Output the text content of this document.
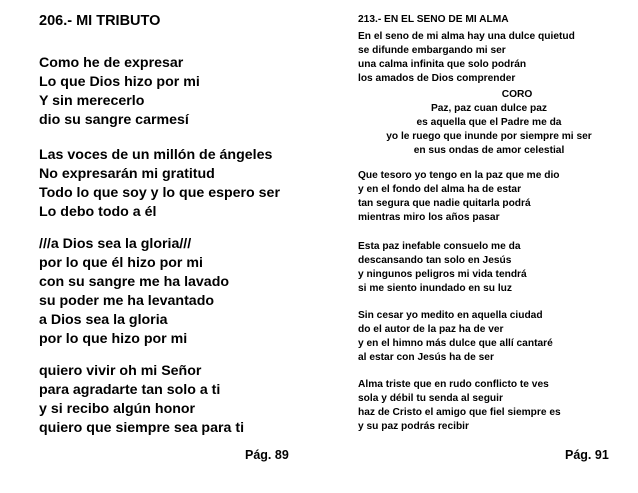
206.- MI TRIBUTO
Como he de expresar
Lo que Dios hizo por mi
Y sin merecerlo
dio su sangre carmesí
Las voces de un millón de ángeles
No expresarán mi gratitud
Todo lo que soy y lo que espero ser
Lo debo todo a él
///a Dios sea la gloria///
por lo que él hizo por mi
con su sangre me ha lavado
su poder me ha levantado
a Dios sea la gloria
por lo que hizo por mi
quiero vivir oh mi Señor
para agradarte tan solo a ti
y si recibo algún honor
quiero que siempre sea para ti
Pág. 89
213.- EN EL SENO DE MI ALMA
En el seno de mi alma hay una dulce quietud
se difunde embargando mi ser
una calma infinita que solo podrán
los amados de Dios comprender
CORO
Paz, paz cuan dulce paz
es aquella que el Padre me da
yo le ruego que inunde por siempre mi ser
en sus ondas de amor celestial
Que tesoro yo tengo en la paz que me dio
y en el fondo del alma ha de estar
tan segura que nadie quitarla podrá
mientras miro los años pasar
Esta paz inefable consuelo me da
descansando tan solo en Jesús
y ningunos peligros mi vida tendrá
si me siento inundado en su luz
Sin cesar yo medito en aquella ciudad
do el autor de la paz ha de ver
y en el himno más dulce que allí cantaré
al estar con Jesús ha de ser
Alma triste que en rudo conflicto te ves
sola y débil tu senda al seguir
haz de Cristo el amigo que fiel siempre es
y su paz podrás recibir
Pág. 91
